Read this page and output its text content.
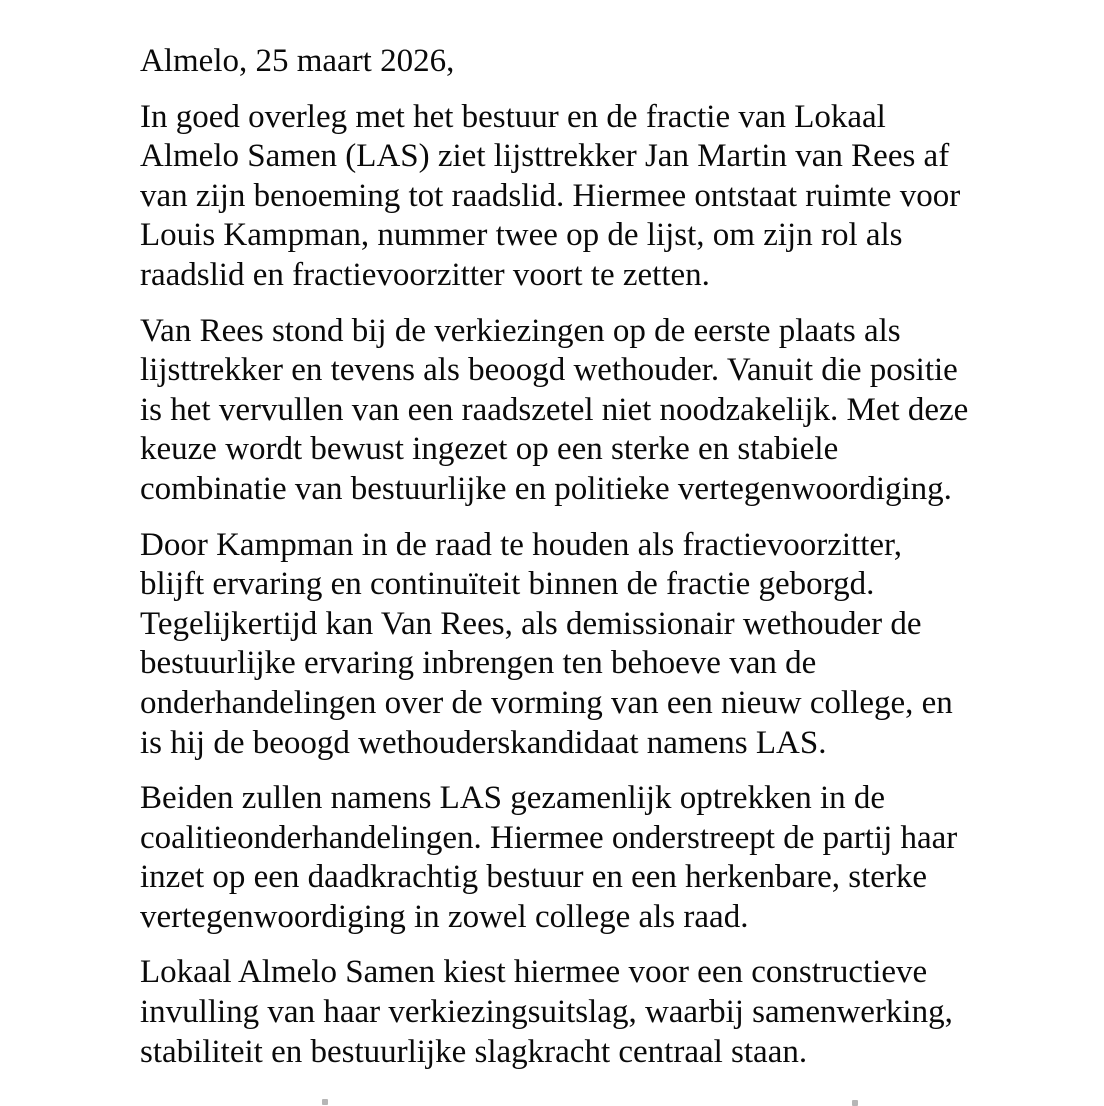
Almelo, 25 maart 2026,

In goed overleg met het bestuur en de fractie van Lokaal
Almelo Samen (LAS) ziet lijsttrekker Jan Martin van Rees af
van zijn benoeming tot raadslid. Hiermee ontstaat ruimte voor
Louis Kampman, nummer twee op de lijst, om zijn rol als
raadslid en fractievoorzitter voort te zetten.

Van Rees stond bij de verkiezingen op de eerste plaats als
lijsttrekker en tevens als beoogd wethouder. Vanuit die positie
is het vervullen van een raadszetel niet noodzakelijk. Met deze
keuze wordt bewust ingezet op een sterke en stabiele
combinatie van bestuurlijke en politieke vertegenwoordiging.

Door Kampman in de raad te houden als fractievoorzitter,
blijft ervaring en continuïteit binnen de fractie geborgd.
Tegelijkertijd kan Van Rees, als demissionair wethouder de
bestuurlijke ervaring inbrengen ten behoeve van de
onderhandelingen over de vorming van een nieuw college, en
is hij de beoogd wethouderskandidaat namens LAS.

Beiden zullen namens LAS gezamenlijk optrekken in de
coalitieonderhandelingen. Hiermee onderstreept de partij haar
inzet op een daadkrachtig bestuur en een herkenbare, sterke
vertegenwoordiging in zowel college als raad.

Lokaal Almelo Samen kiest hiermee voor een constructieve
invulling van haar verkiezingsuitslag, waarbij samenwerking,
stabiliteit en bestuurlijke slagkracht centraal staan.
